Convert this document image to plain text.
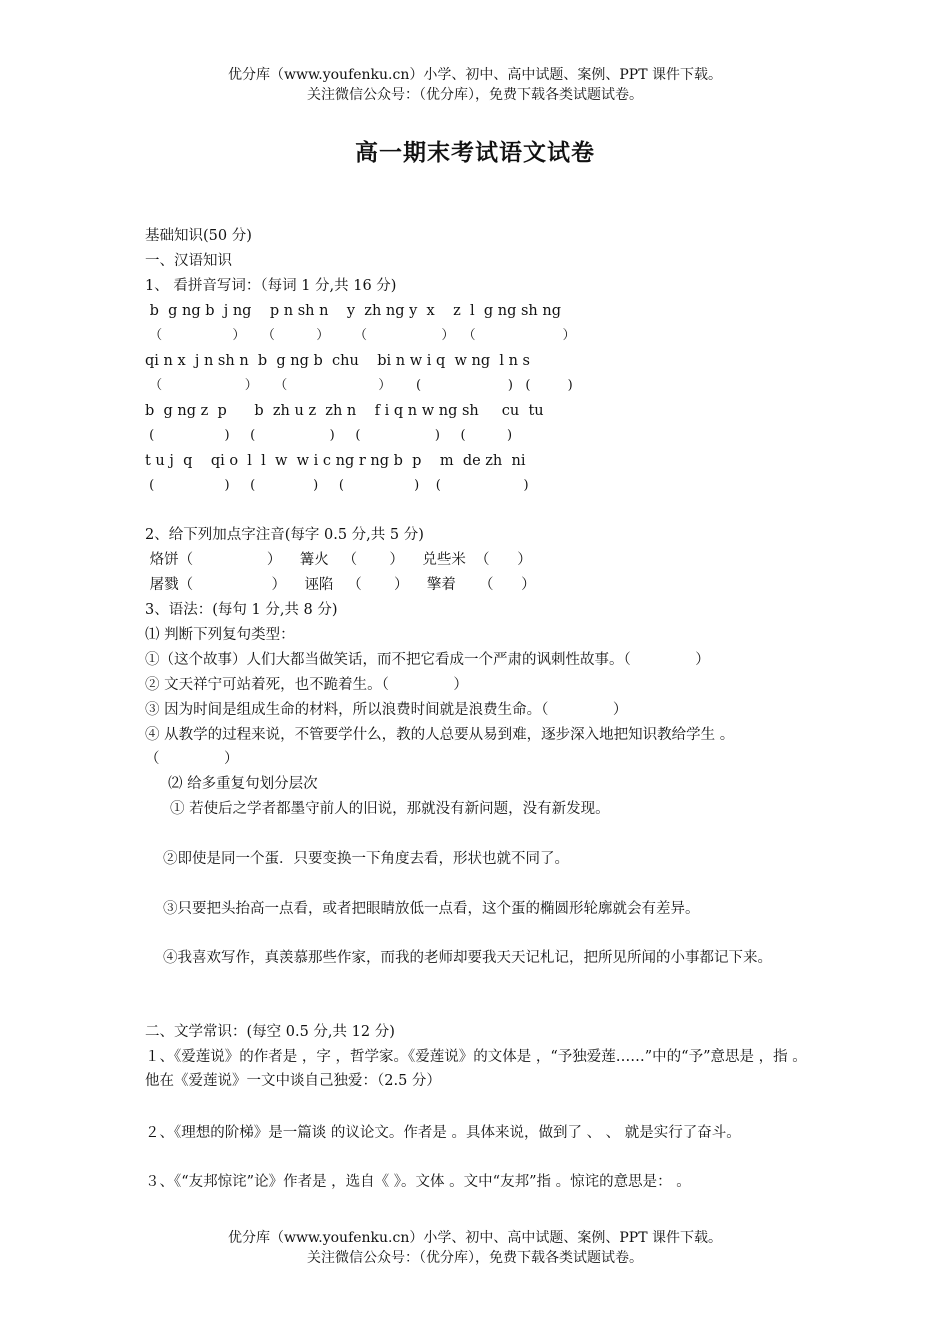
优分库（www.youfenku.cn）小学、初中、高中试题、案例、PPT 课件下载。
关注微信公众号：（优分库），免费下载各类试题试卷。
高一期末考试语文试卷
基础知识(50 分)
一、汉语知识
1、 看拼音写词：（每词 1 分,共 16 分)
b  g ng b  j ng    p n sh n    y  zh ng y  x    z  l  g ng sh ng
（                 ）    （          ）      （                  ）  （                     ）
qi n x  j n sh n  b  g ng b  chu    bi n w i q  w ng  l n s
（                    ）    （                      ）      (                     )   (         )
b  g ng z  p      b  zh u z  zh n    f i q n w ng sh     cu  tu
(                 )     (                  )     (                  )     (          )
t u j  q    qi o  l  l  w  w i c ng r ng b  p    m  de zh  ni
(                 )     (              )     (                 )    (                    )
2、给下列加点字注音(每字 0.5 分,共 5 分)
烙饼（                ）    篝火   （       ）    兑些米  （      ）
屠戮（                 ）    诬陷   （       ）    擎着     （      ）
3、语法：(每句 1 分,共 8 分)
⑴ 判断下列复句类型：
①（这个故事）人们大都当做笑话，而不把它看成一个严肃的讽刺性故事。（              ）
② 文天祥宁可站着死，也不跪着生。（              ）
③ 因为时间是组成生命的材料，所以浪费时间就是浪费生命。（              ）
④ 从教学的过程来说，不管要学什么，教的人总要从易到难，逐步深入地把知识教给学生 。
（              ）
⑵ 给多重复句划分层次
① 若使后之学者都墨守前人的旧说，那就没有新问题，没有新发现。
②即使是同一个蛋．只要变换一下角度去看，形状也就不同了。
③只要把头抬高一点看，或者把眼睛放低一点看，这个蛋的椭圆形轮廓就会有差异。
④我喜欢写作，真羡慕那些作家，而我的老师却要我天天记札记，把所见所闻的小事都记下来。
二、文学常识：(每空 0.5 分,共 12 分)
１、《爱莲说》的作者是 ，字 ，哲学家。《爱莲说》的文体是 ，“予独爱莲……”中的“予”意思是 ，指 。他在《爱莲说》一文中谈自己独爱：（2.5 分）
２、《理想的阶梯》是一篇谈 的议论文。作者是 。具体来说，做到了 、 、 就是实行了奋斗。
３、《“友邦惊诧”论》作者是 ，选自《 》。文体 。文中“友邦”指 。惊诧的意思是： 。
优分库（www.youfenku.cn）小学、初中、高中试题、案例、PPT 课件下载。
关注微信公众号：（优分库），免费下载各类试题试卷。
